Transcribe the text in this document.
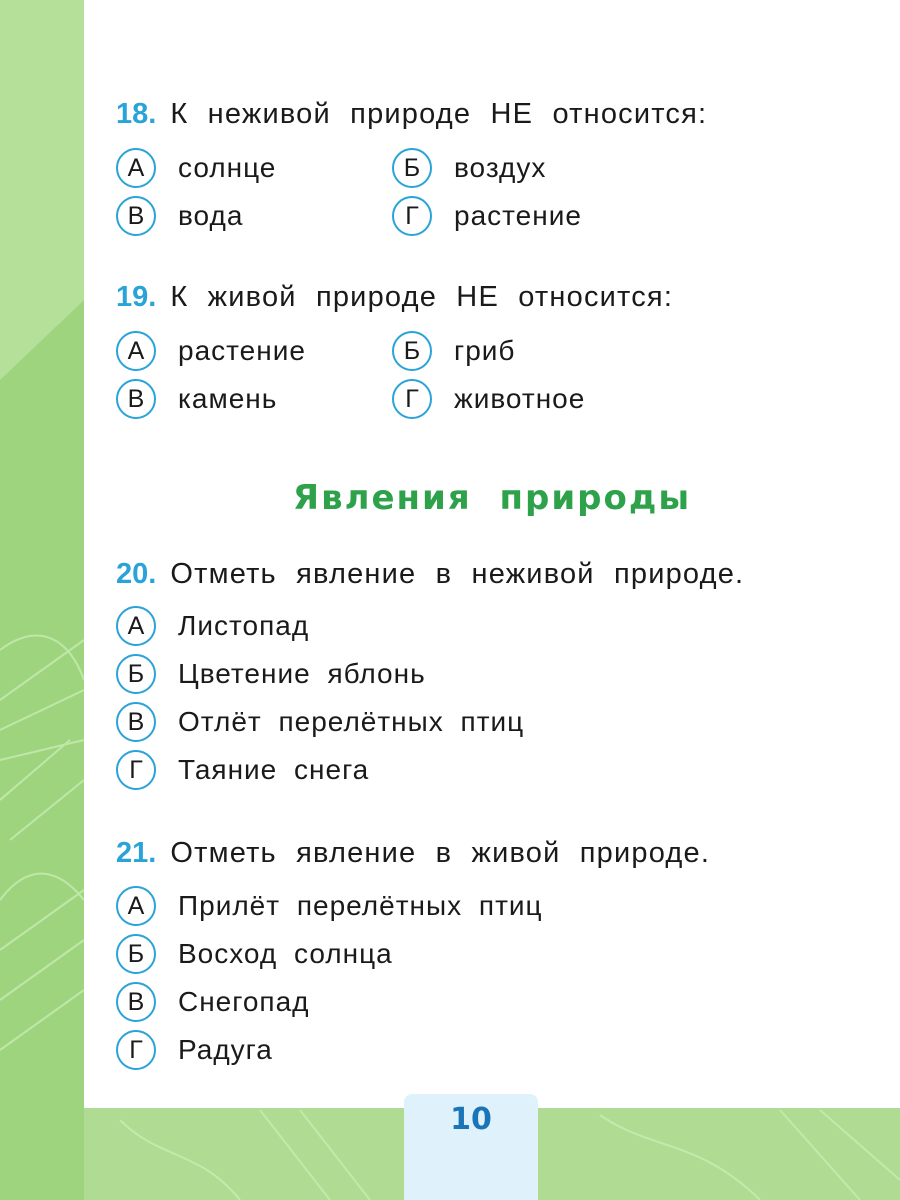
18. К неживой природе НЕ относится:
А	солнце	Б	воздух
В	вода	Г	растение
19. К живой природе НЕ относится:
А	растение	Б	гриб
В	камень	Г	животное
Явления природы
20. Отметь явление в неживой природе.
А	Листопад
Б	Цветение яблонь
В	Отлёт перелётных птиц
Г	Таяние снега
21. Отметь явление в живой природе.
А	Прилёт перелётных птиц
Б	Восход солнца
В	Снегопад
Г	Радуга
10
